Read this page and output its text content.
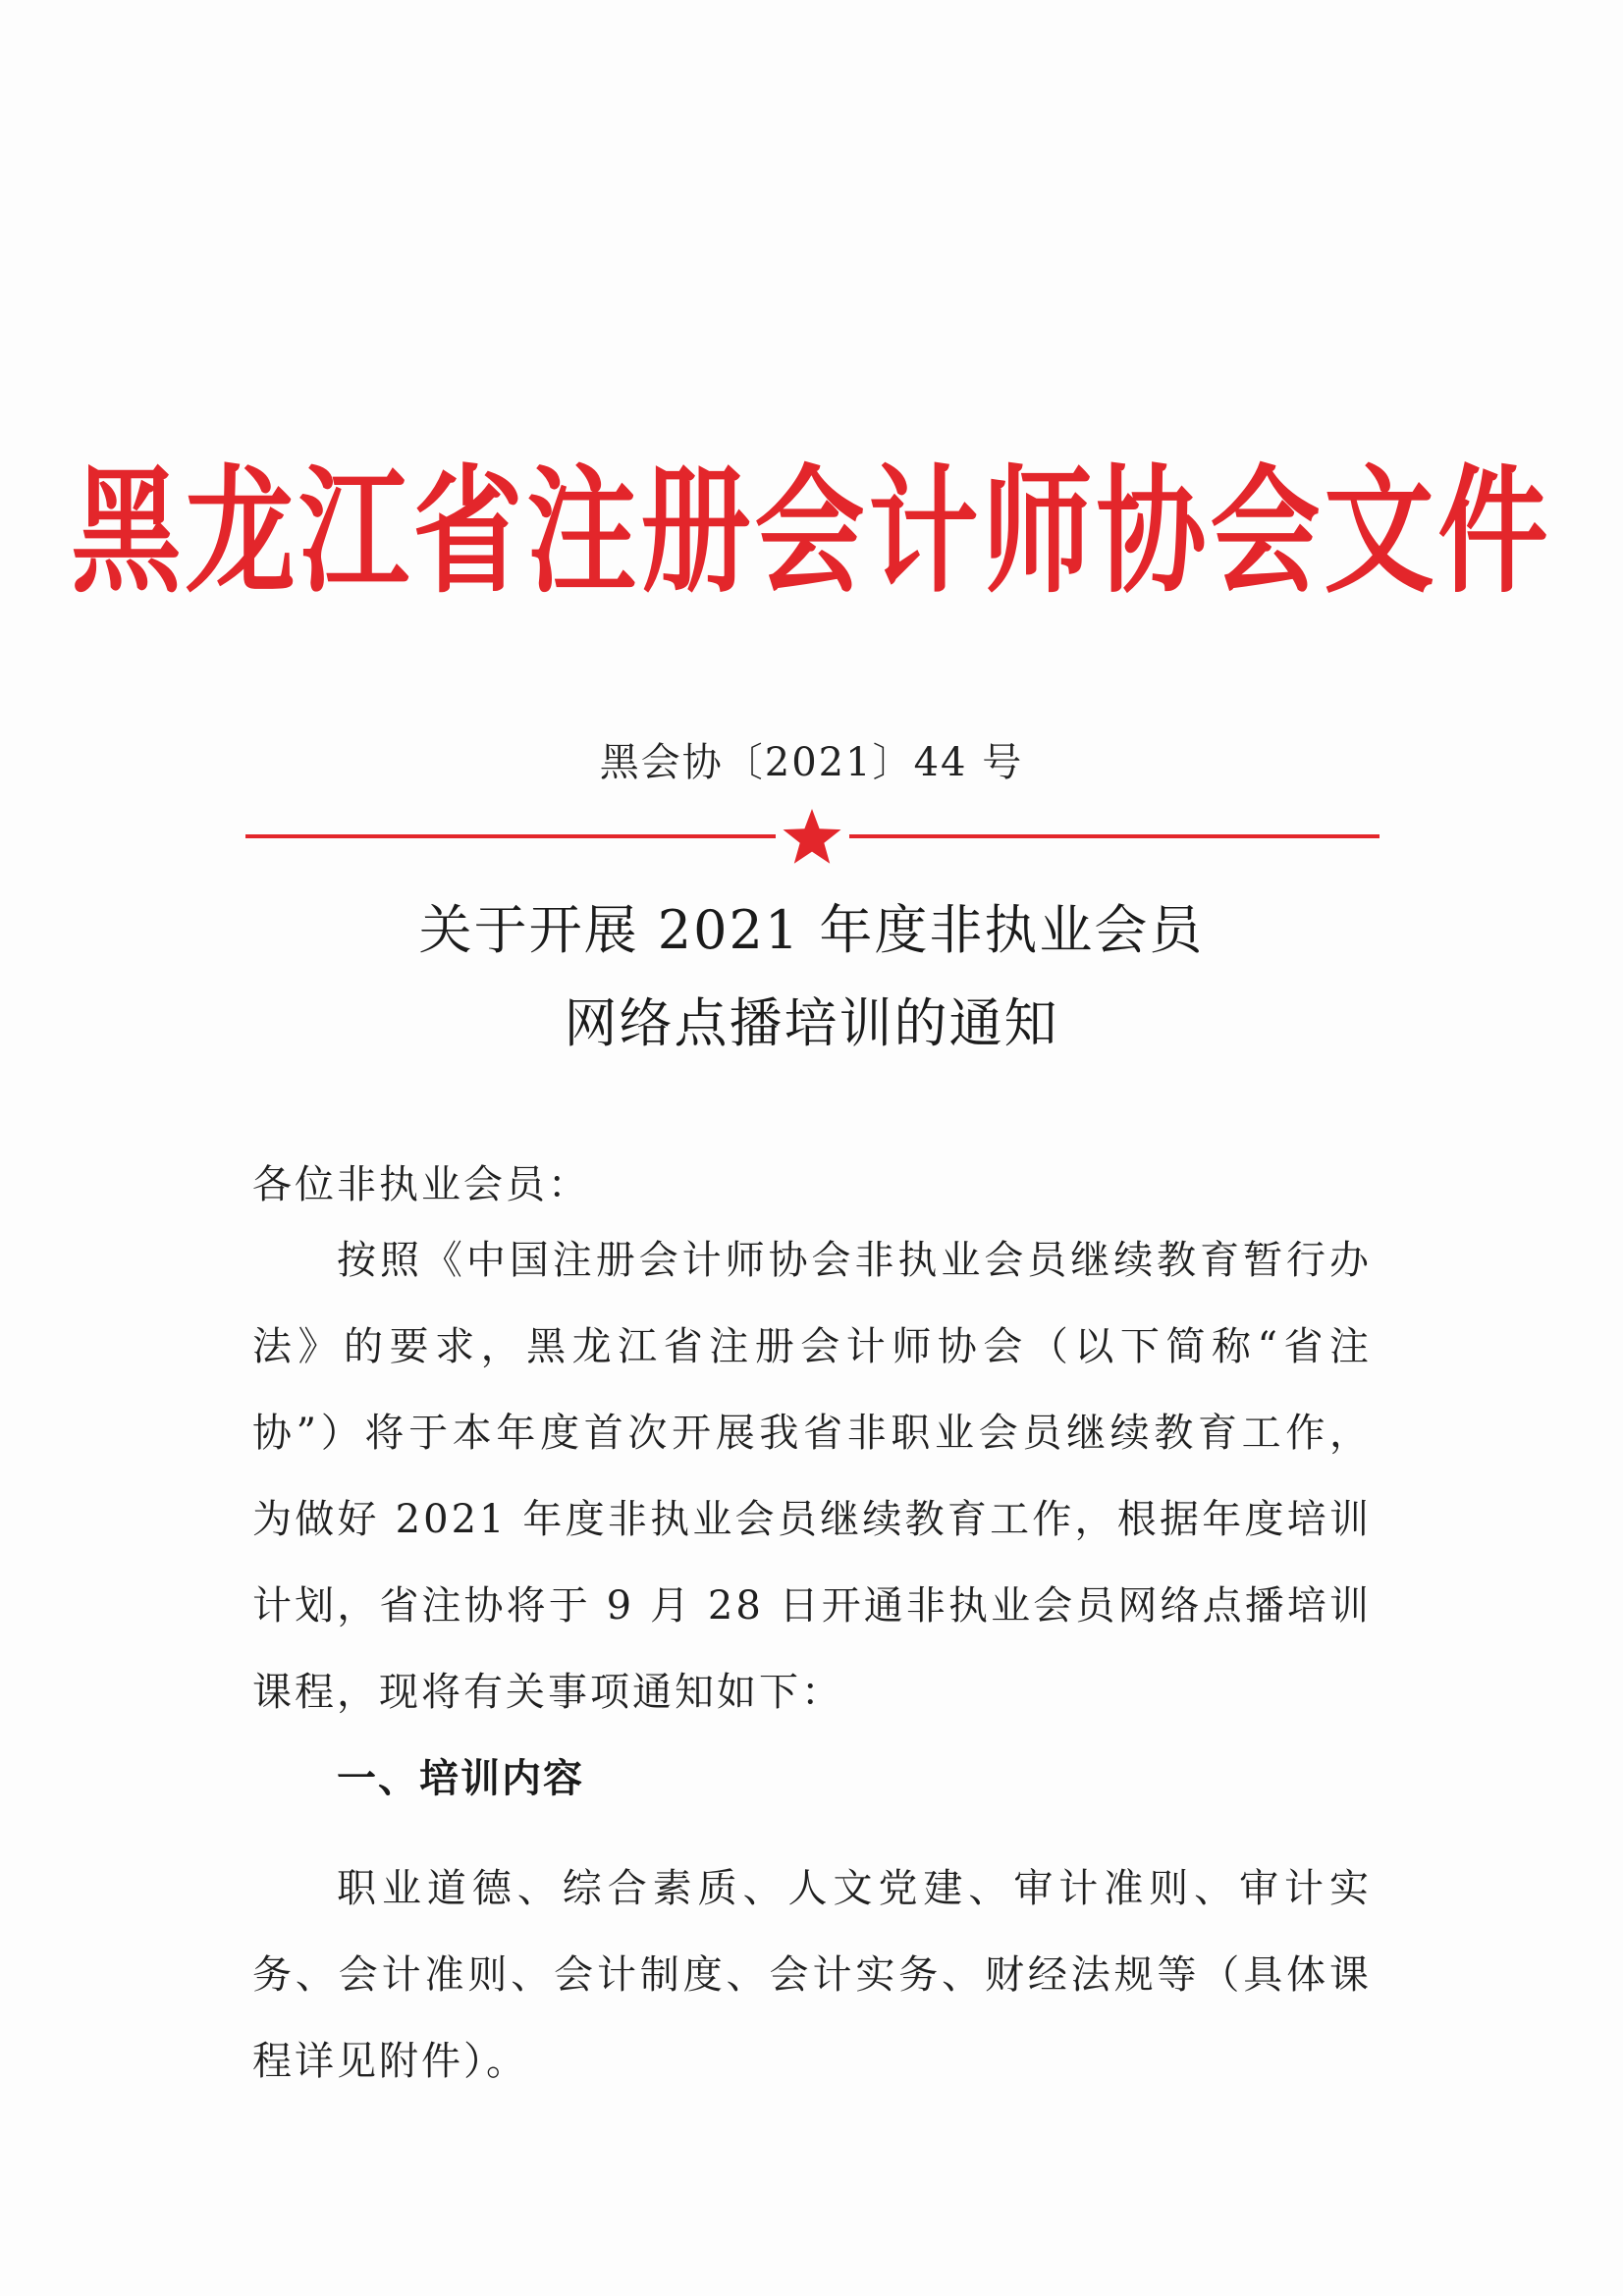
黑龙江省注册会计师协会文件
黑会协〔2021〕44 号
关于开展 2021 年度非执业会员
网络点播培训的通知
各位非执业会员：
按照《中国注册会计师协会非执业会员继续教育暂行办法》的要求，黑龙江省注册会计师协会（以下简称“省注协”）将于本年度首次开展我省非职业会员继续教育工作，为做好 2021 年度非执业会员继续教育工作，根据年度培训计划，省注协将于 9 月 28 日开通非执业会员网络点播培训课程，现将有关事项通知如下：
一、培训内容
职业道德、综合素质、人文党建、审计准则、审计实务、会计准则、会计制度、会计实务、财经法规等（具体课程详见附件）。
